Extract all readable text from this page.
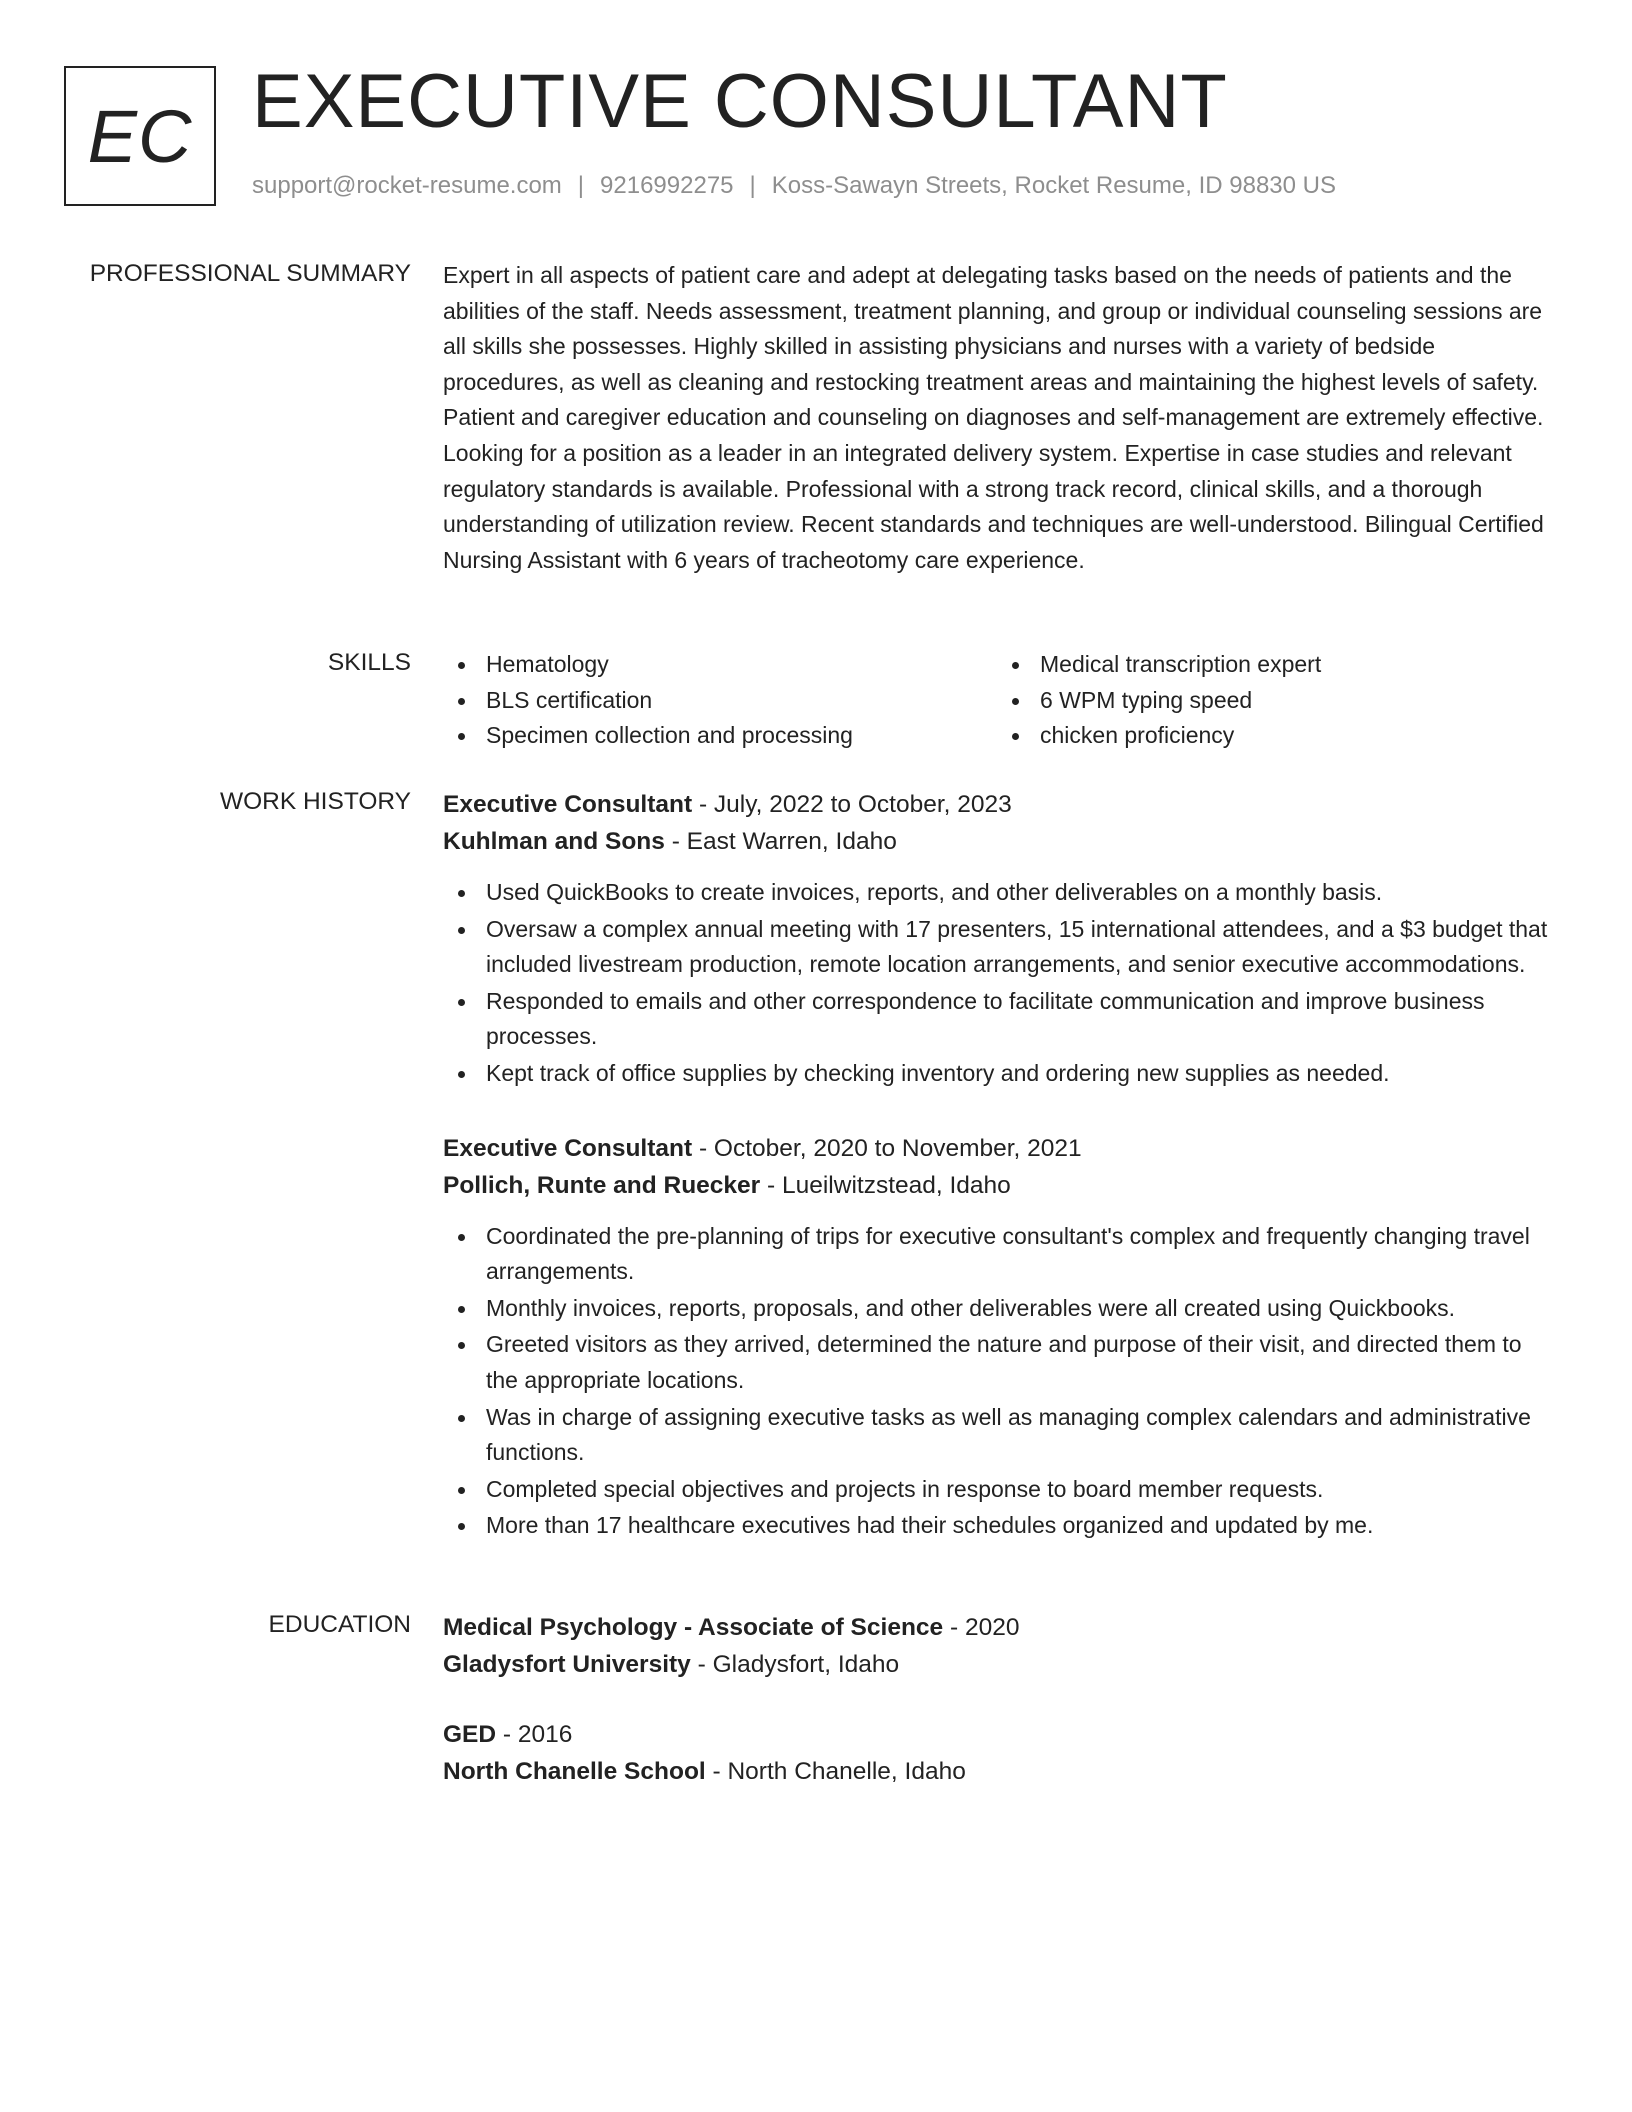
EC EXECUTIVE CONSULTANT
support@rocket-resume.com | 9216992275 | Koss-Sawayn Streets, Rocket Resume, ID 98830 US
PROFESSIONAL SUMMARY Expert in all aspects of patient care and adept at delegating tasks based on the needs of patients and the abilities of the staff. Needs assessment, treatment planning, and group or individual counseling sessions are all skills she possesses. Highly skilled in assisting physicians and nurses with a variety of bedside procedures, as well as cleaning and restocking treatment areas and maintaining the highest levels of safety. Patient and caregiver education and counseling on diagnoses and self-management are extremely effective. Looking for a position as a leader in an integrated delivery system. Expertise in case studies and relevant regulatory standards is available. Professional with a strong track record, clinical skills, and a thorough understanding of utilization review. Recent standards and techniques are well-understood. Bilingual Certified Nursing Assistant with 6 years of tracheotomy care experience.

SKILLS	Hematology
BLS certification
Specimen collection and processing
Medical transcription expert
6 WPM typing speed
chicken proficiency
WORK HISTORY Executive Consultant - July, 2022 to October, 2023
Kuhlman and Sons - East Warren, Idaho
Used QuickBooks to create invoices, reports, and other deliverables on a monthly basis.
Oversaw a complex annual meeting with 17 presenters, 15 international attendees, and a $3 budget that included livestream production, remote location arrangements, and senior executive accommodations.
Responded to emails and other correspondence to facilitate communication and improve business processes.
Kept track of office supplies by checking inventory and ordering new supplies as needed.
Executive Consultant - October, 2020 to November, 2021
Pollich, Runte and Ruecker - Lueilwitzstead, Idaho
Coordinated the pre-planning of trips for executive consultant's complex and frequently changing travel arrangements.
Monthly invoices, reports, proposals, and other deliverables were all created using Quickbooks.
Greeted visitors as they arrived, determined the nature and purpose of their visit, and directed them to the appropriate locations.
Was in charge of assigning executive tasks as well as managing complex calendars and administrative functions.
Completed special objectives and projects in response to board member requests.
More than 17 healthcare executives had their schedules organized and updated by me.
EDUCATION Medical Psychology - Associate of Science - 2020
Gladysfort University - Gladysfort, Idaho
GED - 2016
North Chanelle School - North Chanelle, Idaho
